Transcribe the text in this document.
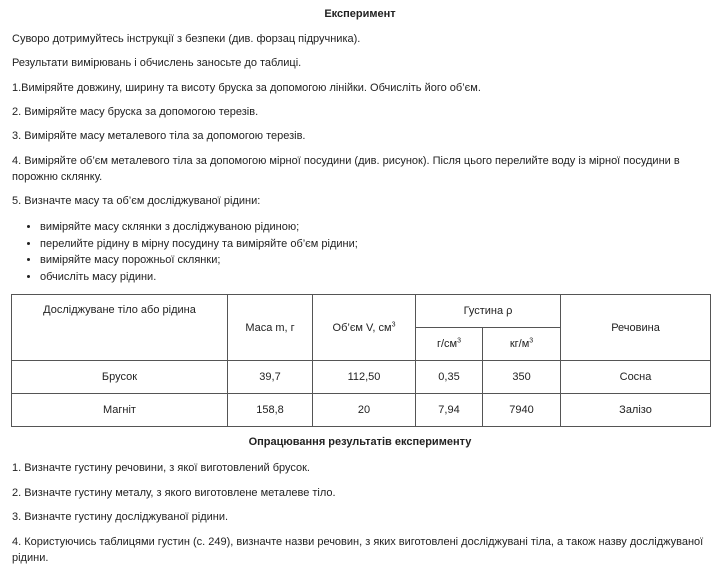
Експеримент

Суворо дотримуйтесь інструкції з безпеки (див. форзац підручника).

Результати вимірювань і обчислень заносьте до таблиці.

1.Виміряйте довжину, ширину та висоту бруска за допомогою лінійки. Обчисліть його об’єм.

2. Виміряйте масу бруска за допомогою терезів.

3. Виміряйте масу металевого тіла за допомогою терезів.

4. Виміряйте об’єм металевого тіла за допомогою мірної посудини (див. рисунок). Після цього перелийте воду із мірної посудини в порожню склянку.

5. Визначте масу та об’єм досліджуваної рідини:

• виміряйте масу склянки з досліджуваною рідиною;
• перелийте рідину в мірну посудину та виміряйте об’єм рідини;
• виміряйте масу порожньої склянки;
• обчисліть масу рідини.
Досліджуване тіло або рідина	Маса m, г	Об’єм V, $см^3$	Густина ρ		Речовина
			$г/см^3$	$кг/м^3$
Брусок	39,7	112,50	0,35	350	Сосна
Магніт	158,8	20	7,94	7940	Залізо
Опрацювання результатів експерименту

1. Визначте густину речовини, з якої виготовлений брусок.

2. Визначте густину металу, з якого виготовлене металеве тіло.

3. Визначте густину досліджуваної рідини.

4. Користуючись таблицями густин (с. 249), визначте назви речовин, з яких виготовлені досліджувані тіла, а також назву досліджуваної рідини.
